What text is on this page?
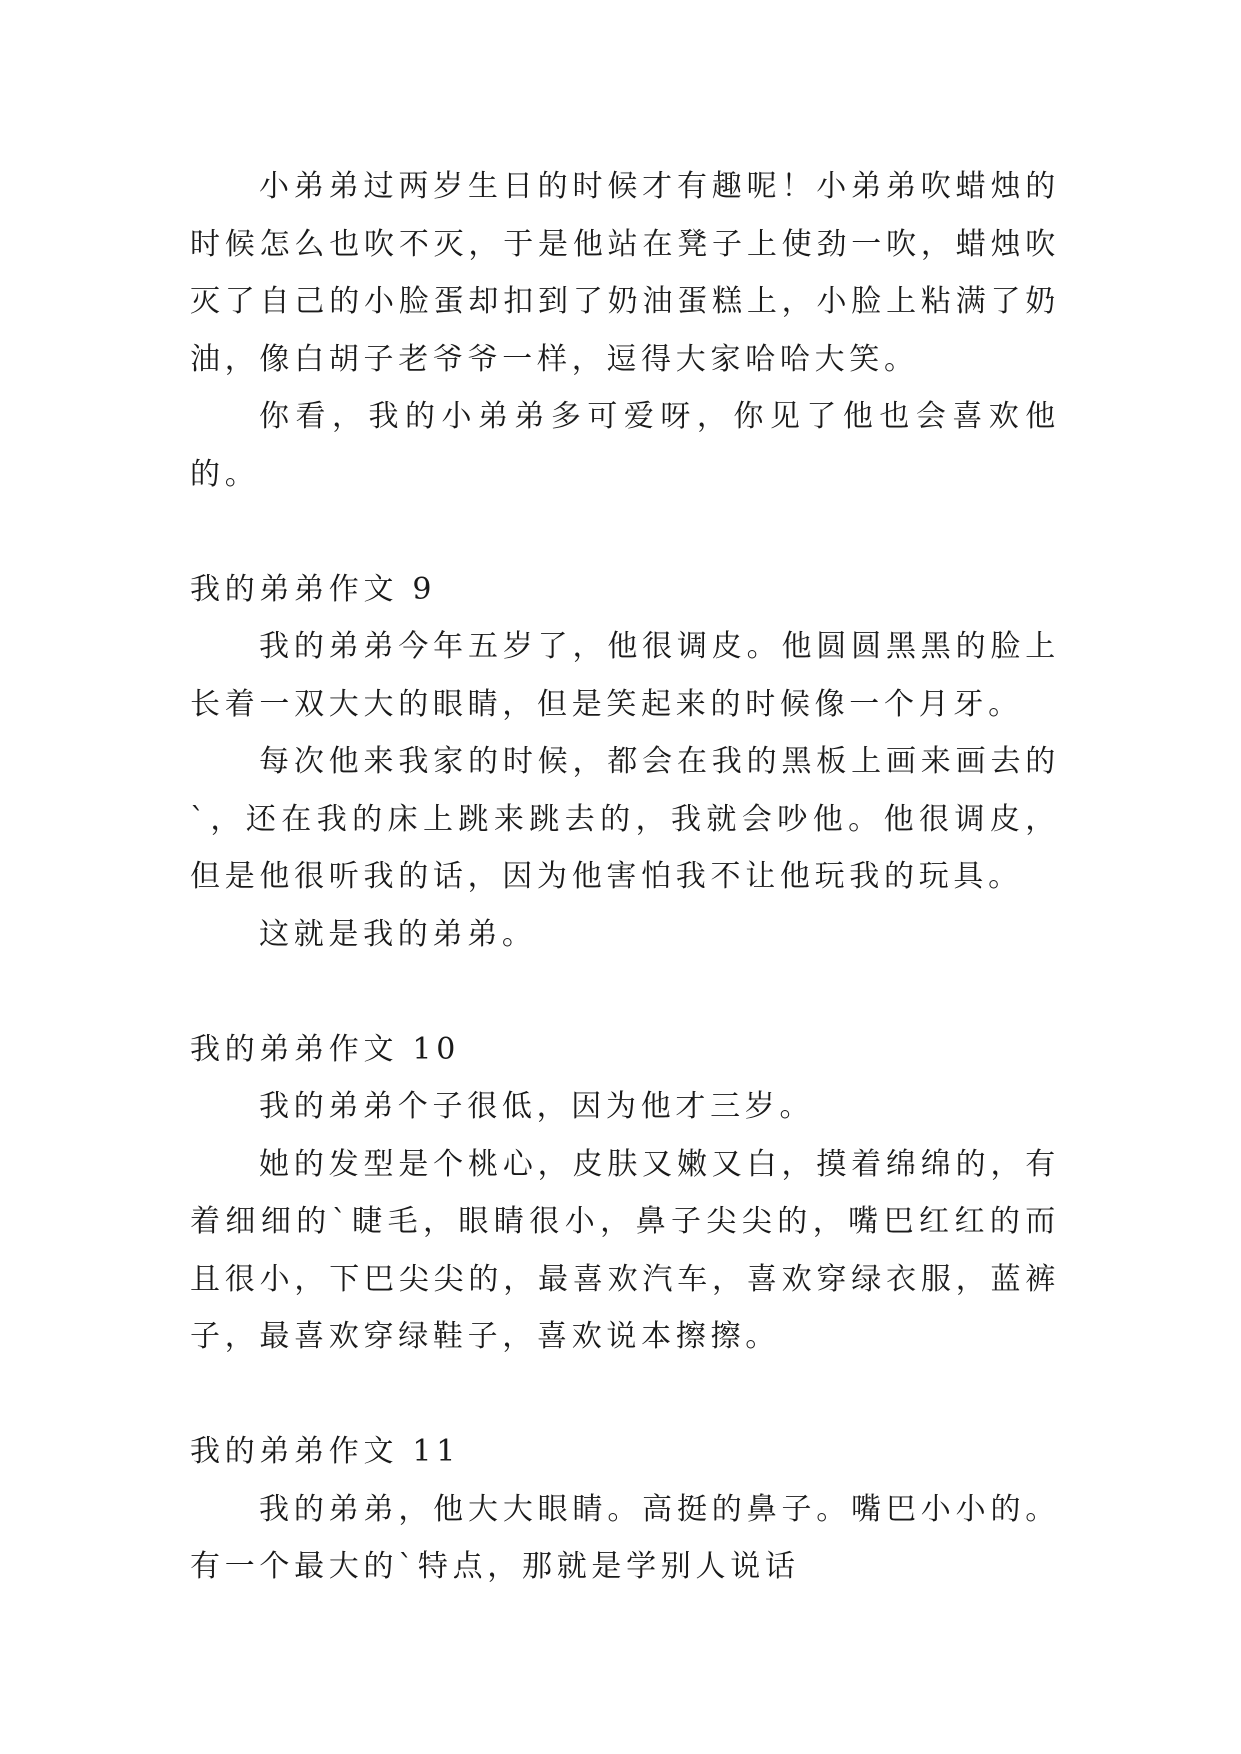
小弟弟过两岁生日的时候才有趣呢！小弟弟吹蜡烛的时候怎么也吹不灭，于是他站在凳子上使劲一吹，蜡烛吹灭了自己的小脸蛋却扣到了奶油蛋糕上，小脸上粘满了奶油，像白胡子老爷爷一样，逗得大家哈哈大笑。

你看，我的小弟弟多可爱呀，你见了他也会喜欢他的。

我的弟弟作文 9

我的弟弟今年五岁了，他很调皮。他圆圆黑黑的脸上长着一双大大的眼睛，但是笑起来的时候像一个月牙。

每次他来我家的时候，都会在我的黑板上画来画去的`，还在我的床上跳来跳去的，我就会吵他。他很调皮，但是他很听我的话，因为他害怕我不让他玩我的玩具。

这就是我的弟弟。

我的弟弟作文 10

我的弟弟个子很低，因为他才三岁。

她的发型是个桃心，皮肤又嫩又白，摸着绵绵的，有着细细的`睫毛，眼睛很小，鼻子尖尖的，嘴巴红红的而且很小，下巴尖尖的，最喜欢汽车，喜欢穿绿衣服，蓝裤子，最喜欢穿绿鞋子，喜欢说本擦擦。

我的弟弟作文 11

我的弟弟，他大大眼睛。高挺的鼻子。嘴巴小小的。有一个最大的`特点，那就是学别人说话
